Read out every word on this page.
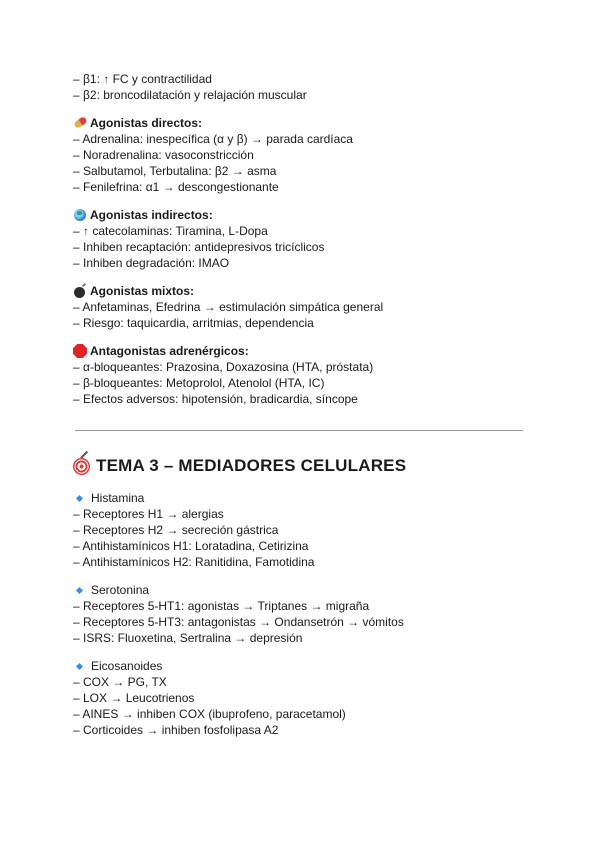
– β1: ↑ FC y contractilidad
– β2: broncodilatación y relajación muscular
Agonistas directos:
– Adrenalina: inespecífica (α y β) → parada cardíaca
– Noradrenalina: vasoconstricción
– Salbutamol, Terbutalina: β2 → asma
– Fenilefrina: α1 → descongestionante
Agonistas indirectos:
– ↑ catecolaminas: Tiramina, L-Dopa
– Inhiben recaptación: antidepresivos tricíclicos
– Inhiben degradación: IMAO
Agonistas mixtos:
– Anfetaminas, Efedrina → estimulación simpática general
– Riesgo: taquicardia, arritmias, dependencia
Antagonistas adrenérgicos:
– α-bloqueantes: Prazosina, Doxazosina (HTA, próstata)
– β-bloqueantes: Metoprolol, Atenolol (HTA, IC)
– Efectos adversos: hipotensión, bradicardia, síncope
TEMA 3 – MEDIADORES CELULARES
Histamina
– Receptores H1 → alergias
– Receptores H2 → secreción gástrica
– Antihistamínicos H1: Loratadina, Cetirizina
– Antihistamínicos H2: Ranitidina, Famotidina
Serotonina
– Receptores 5-HT1: agonistas → Triptanes → migraña
– Receptores 5-HT3: antagonistas → Ondansetrón → vómitos
– ISRS: Fluoxetina, Sertralina → depresión
Eicosanoides
– COX → PG, TX
– LOX → Leucotrienos
– AINES → inhiben COX (ibuprofeno, paracetamol)
– Corticoides → inhiben fosfolipasa A2
